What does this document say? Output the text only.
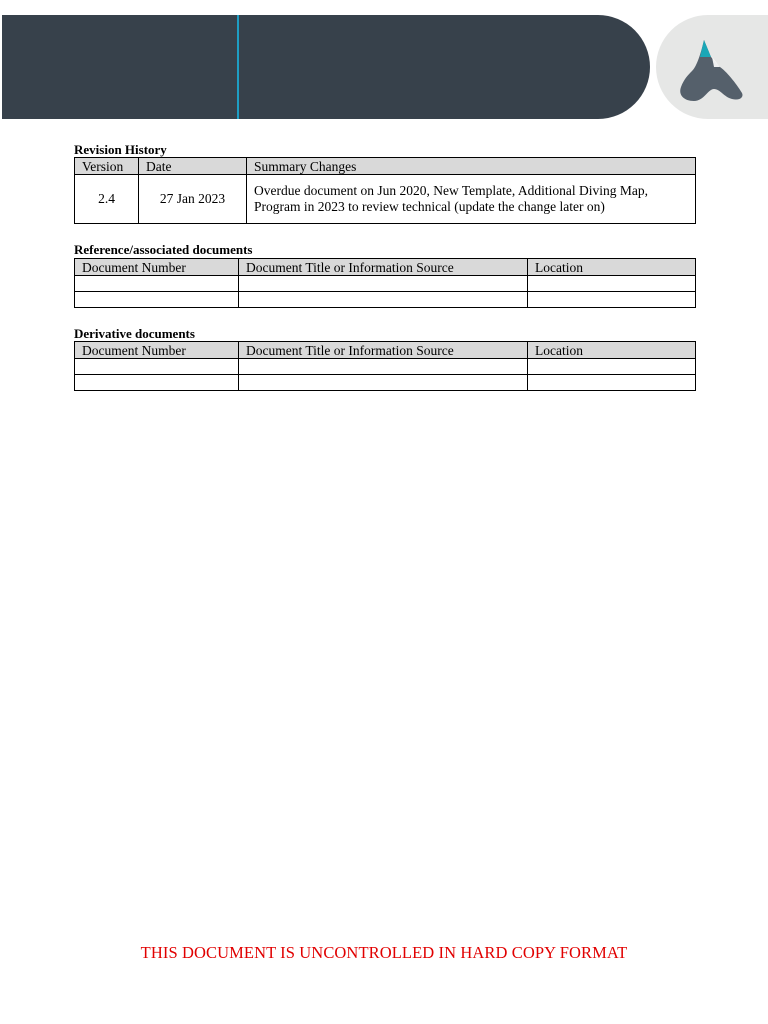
Revision History
Version	Date	Summary Changes
2.4	27 Jan 2023	Overdue document on Jun 2020, New Template, Additional Diving Map, Program in 2023 to review technical (update the change later on)
Reference/associated documents
Document Number	Document Title or Information Source	Location

Derivative documents
Document Number	Document Title or Information Source	Location

THIS DOCUMENT IS UNCONTROLLED IN HARD COPY FORMAT
